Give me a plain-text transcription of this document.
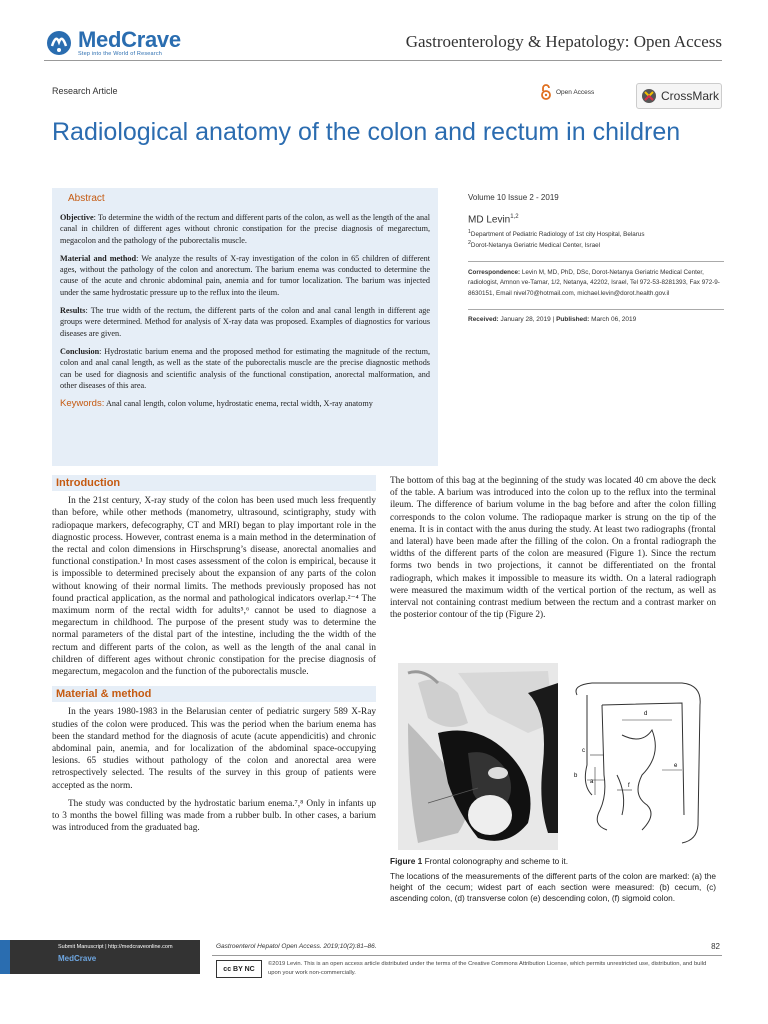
MedCrave
Step into the World of Research
Gastroenterology & Hepatology: Open Access
Research Article	Open Access	CrossMark
Radiological anatomy of the colon and rectum in children
Abstract

Objective: To determine the width of the rectum and different parts of the colon, as well as the length of the anal canal in children of different ages without chronic constipation for the precise diagnosis of megarectum, megacolon and the pathology of the puborectalis muscle.

Material and method: We analyze the results of X-ray investigation of the colon in 65 children of different ages, without the pathology of the colon and anorectum. The barium enema was conducted to determine the cause of the acute and chronic abdominal pain, anemia and for tumor localization. The barium was injected under the same hydrostatic pressure up to the reflux into the ileum.

Results: The true width of the rectum, the different parts of the colon and anal canal length in different age groups were determined. Method for analysis of X-ray data was proposed. Examples of diagnostics for various diseases are given.

Conclusion: Hydrostatic barium enema and the proposed method for estimating the magnitude of the rectum, colon and anal canal length, as well as the state of the puborectalis muscle are the precise diagnostic methods can be used for diagnosis and scientific analysis of the functional constipation, anorectal malformation, and other diseases of this area.

Keywords: Anal canal length, colon volume, hydrostatic enema, rectal width, X-ray anatomy

Volume 10 Issue 2 - 2019
MD Levin$^{1,2}$
$^1$Department of Pediatric Radiology of 1st city Hospital, Belarus
$^2$Dorot-Netanya Geriatric Medical Center, Israel
Correspondence: Levin M, MD, PhD, DSc, Dorot-Netanya Geriatric Medical Center, radiologist, Amnon ve-Tamar, 1/2, Netanya, 42202, Israel, Tel 972-53-8281393, Fax 972-9-8630151, Email nivel70@hotmail.com, michael.levin@dorot.health.gov.il
Received: January 28, 2019 | Published: March 06, 2019
Introduction

In the 21st century, X-ray study of the colon has been used much less frequently than before, while other methods (manometry, ultrasound, scintigraphy, study with radiopaque markers, defecography, CT and MRI) began to play important role in the diagnostic process. However, contrast enema is a main method in the determination of the rectal and colon dimensions in Hirschsprung’s disease, anorectal anomalies and functional constipation.¹ In most cases assessment of the colon is empirical, because it is impossible to determined precisely about the expansion of any parts of the colon without knowing of their normal limits. The methods previously proposed has not found practical application, as the normal and pathological indicators overlap.²⁻⁴ The maximum norm of the rectal width for adults⁵,⁶ cannot be used to diagnose a megarectum in childhood. The purpose of the present study was to determine the normal parameters of the distal part of the intestine, including the the width of the rectum and different parts of the colon, as well as the length of the anal canal in children of different ages without chronic constipation for the precise diagnosis of megarectum, megacolon and the function of the puborectalis muscle.

Material & method

In the years 1980-1983 in the Belarusian center of pediatric surgery 589 X-Ray studies of the colon were produced. This was the period when the barium enema has been the standard method for the diagnosis of acute (acute appendicitis) and chronic abdominal pain, anemia, and for localization of the abdominal space-occupying lesions. 65 studies without pathology of the colon and anorectal area were retrospectively selected. The results of the survey in this group of patients were accepted as the norm.

The study was conducted by the hydrostatic barium enema.⁷,⁸ Only in infants up to 3 months the bowel filling was made from a rubber bulb. In other cases, a barium was introduced from the graduated bag.

The bottom of this bag at the beginning of the study was located 40 cm above the deck of the table. A barium was introduced into the colon up to the reflux into the terminal ileum. The difference of barium volume in the bag before and after the colon filling corresponds to the colon volume. The radiopaque marker is strung on the tip of the enema. It is in contact with the anus during the study. At least two radiographs (frontal and lateral) have been made after the filling of the colon. On a frontal radiograph the widths of the different parts of the colon are measured (Figure 1). Since the rectum forms two bends in two projections, it cannot be differentiated on the frontal radiograph, which makes it impossible to measure its width. On a lateral radiograph were measured the maximum width of the vertical portion of the rectum, as well as interval not containing contrast medium between the rectum and a contrast marker on the posterior contour of the tip (Figure 2).

d
c
b
a
e
f

Figure 1 Frontal colonography and scheme to it.

The locations of the measurements of the different parts of the colon are marked: (a) the height of the cecum; widest part of each section were measured: (b) cecum, (c) ascending colon, (d) transverse colon (e) descending colon, (f) sigmoid colon.

Submit Manuscript | http://medcraveonline.com
MedCrave
Gastroenterol Hepatol Open Access. 2019;10(2):81‒86.	82
cc BY NC
©2019 Levin. This is an open access article distributed under the terms of the Creative Commons Attribution License, which permits unrestricted use, distribution, and build upon your work non-commercially.
